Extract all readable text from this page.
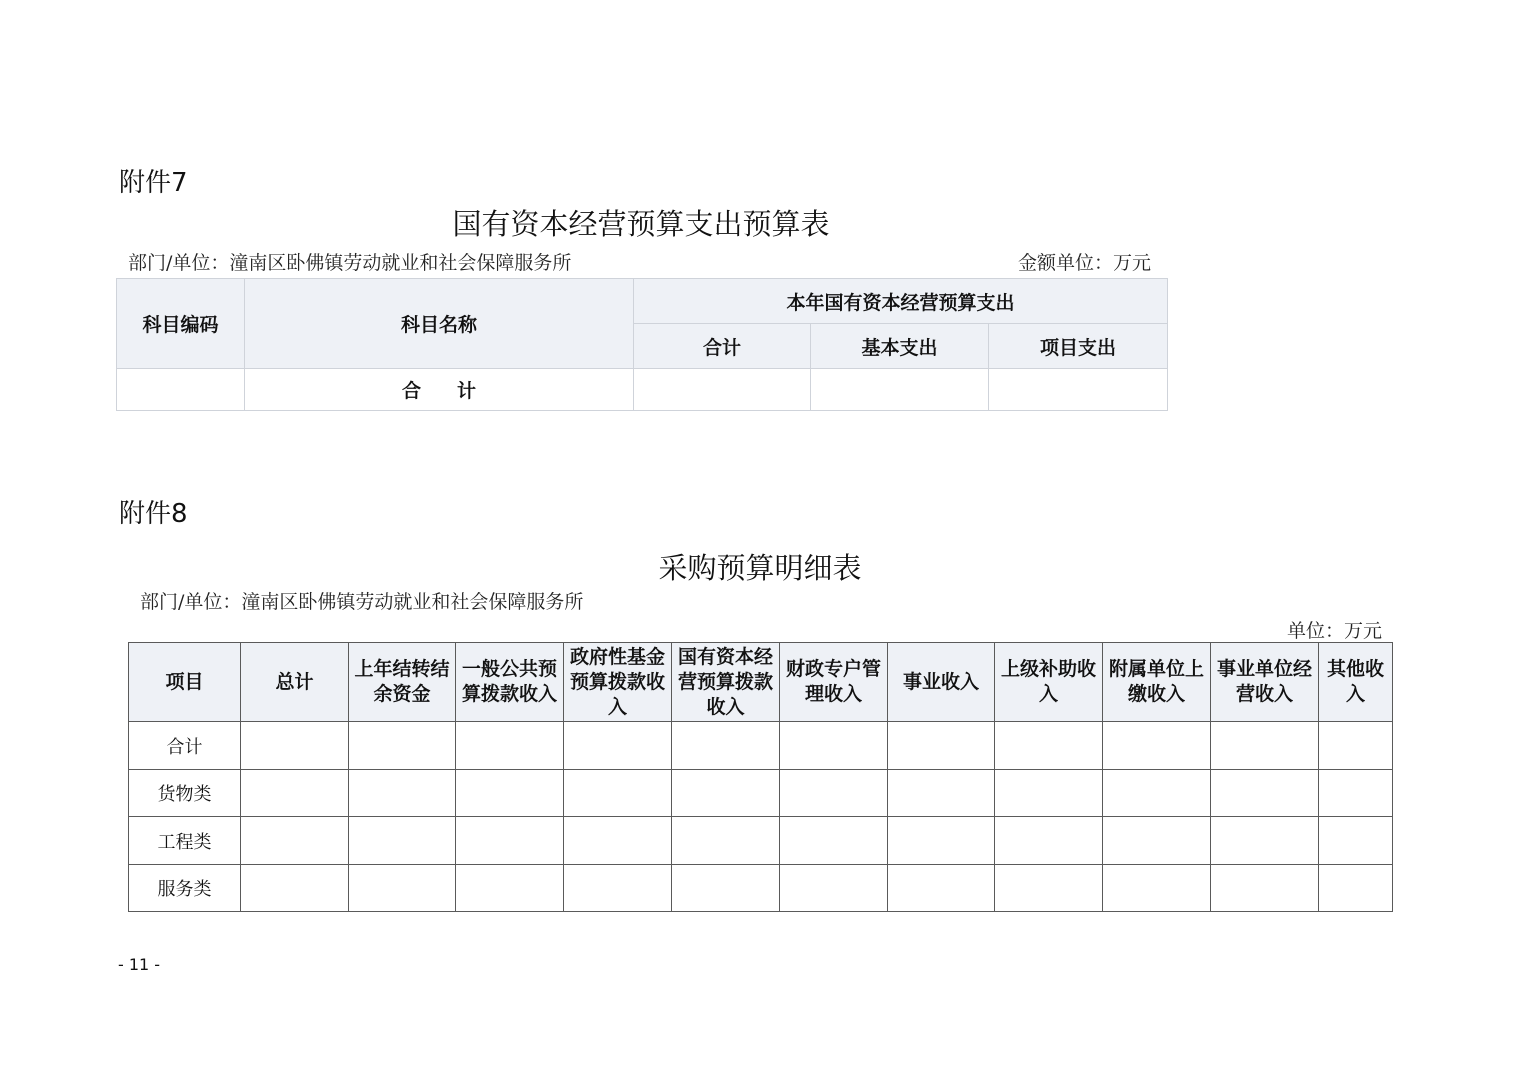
附件7
国有资本经营预算支出预算表
部门/单位：潼南区卧佛镇劳动就业和社会保障服务所	金额单位：万元
科目编码	科目名称	本年国有资本经营预算支出		
		合计	基本支出	项目支出
	合计			
附件8
采购预算明细表
部门/单位：潼南区卧佛镇劳动就业和社会保障服务所
单位：万元
项目	总计	上年结转结余资金	一般公共预算拨款收入	政府性基金预算拨款收入	国有资本经营预算拨款收入	财政专户管理收入	事业收入	上级补助收入	附属单位上缴收入	事业单位经营收入	其他收入
合计											
货物类											
工程类											
服务类											
- 11 -
